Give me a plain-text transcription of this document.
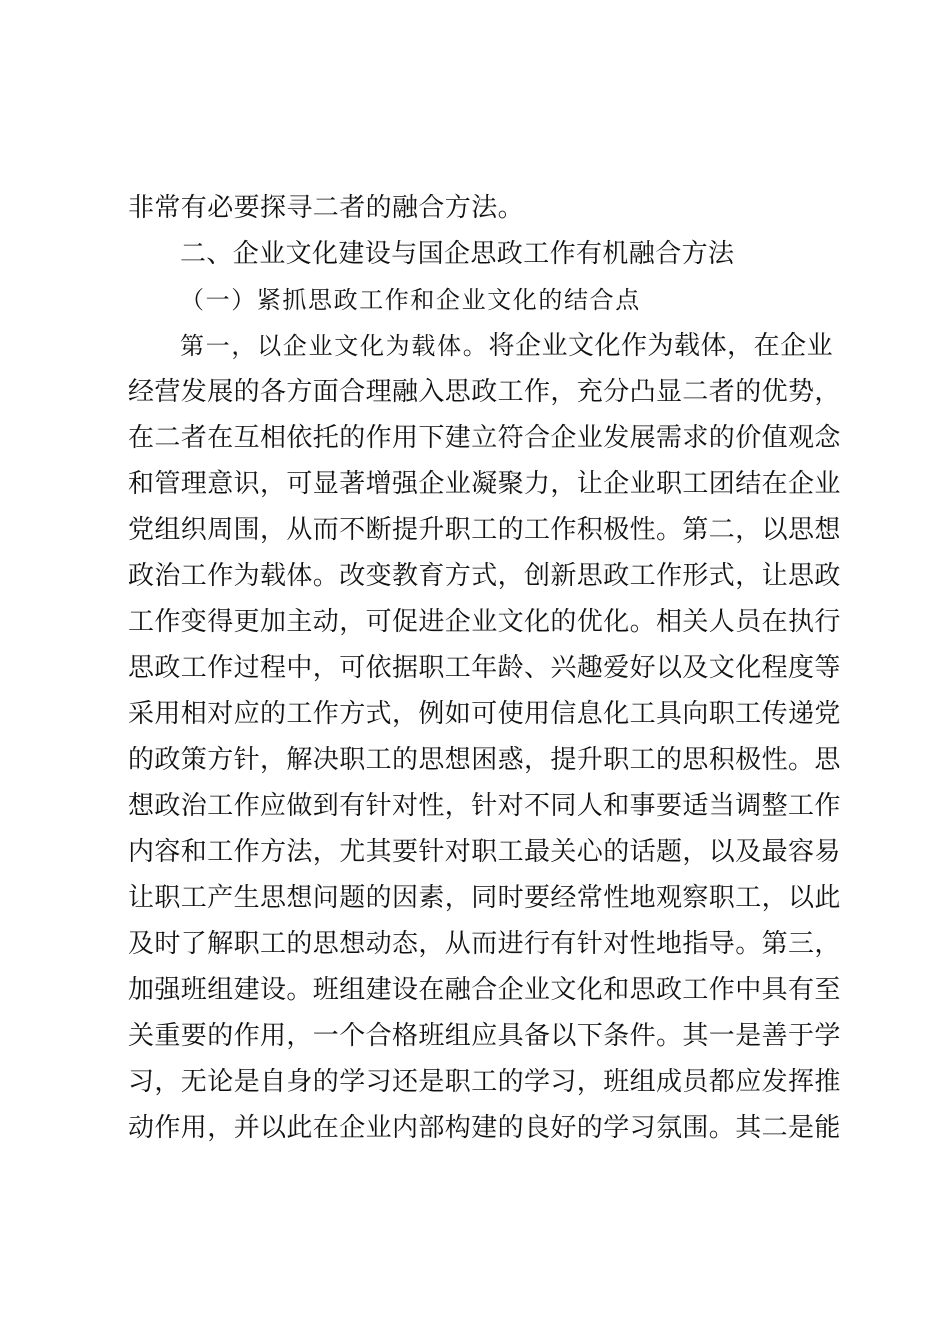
非常有必要探寻二者的融合方法。
二、企业文化建设与国企思政工作有机融合方法
（一）紧抓思政工作和企业文化的结合点
第一，以企业文化为载体。将企业文化作为载体，在企业
经营发展的各方面合理融入思政工作，充分凸显二者的优势，
在二者在互相依托的作用下建立符合企业发展需求的价值观念
和管理意识，可显著增强企业凝聚力，让企业职工团结在企业
党组织周围，从而不断提升职工的工作积极性。第二，以思想
政治工作为载体。改变教育方式，创新思政工作形式，让思政
工作变得更加主动，可促进企业文化的优化。相关人员在执行
思政工作过程中，可依据职工年龄、兴趣爱好以及文化程度等
采用相对应的工作方式，例如可使用信息化工具向职工传递党
的政策方针，解决职工的思想困惑，提升职工的思积极性。思
想政治工作应做到有针对性，针对不同人和事要适当调整工作
内容和工作方法，尤其要针对职工最关心的话题，以及最容易
让职工产生思想问题的因素，同时要经常性地观察职工，以此
及时了解职工的思想动态，从而进行有针对性地指导。第三，
加强班组建设。班组建设在融合企业文化和思政工作中具有至
关重要的作用，一个合格班组应具备以下条件。其一是善于学
习，无论是自身的学习还是职工的学习，班组成员都应发挥推
动作用，并以此在企业内部构建的良好的学习氛围。其二是能
